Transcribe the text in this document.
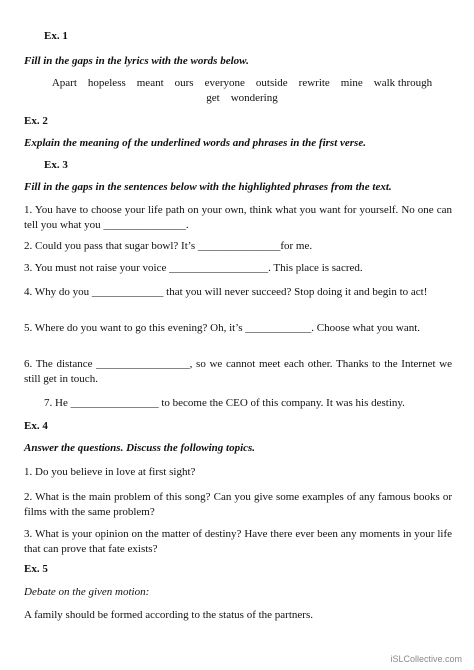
Ex. 1
Fill in the gaps in the lyrics with the words below.
Apart    hopeless    meant    ours    everyone    outside    rewrite    mine    walk through
get    wondering
Ex. 2
Explain the meaning of the underlined words and phrases in the first verse.
Ex. 3
Fill in the gaps in the sentences below with the highlighted phrases from the text.
1. You have to choose your life path on your own, think what you want for yourself. No one can tell you what you _______________.
2. Could you pass that sugar bowl? It’s _______________for me.
3. You must not raise your voice __________________. This place is sacred.
4. Why do you _____________ that you will never succeed? Stop doing it and begin to act!
5. Where do you want to go this evening? Oh, it’s ____________. Choose what you want.
6. The distance _________________, so we cannot meet each other. Thanks to the Internet we still get in touch.
7. He ________________ to become the CEO of this company. It was his destiny.
Ex. 4
Answer the questions. Discuss the following topics.
1. Do you believe in love at first sight?
2. What is the main problem of this song? Can you give some examples of any famous books or films with the same problem?
3. What is your opinion on the matter of destiny? Have there ever been any moments in your life that can prove that fate exists?
Ex. 5
Debate on the given motion:
A family should be formed according to the status of the partners.
iSLCollective.com
